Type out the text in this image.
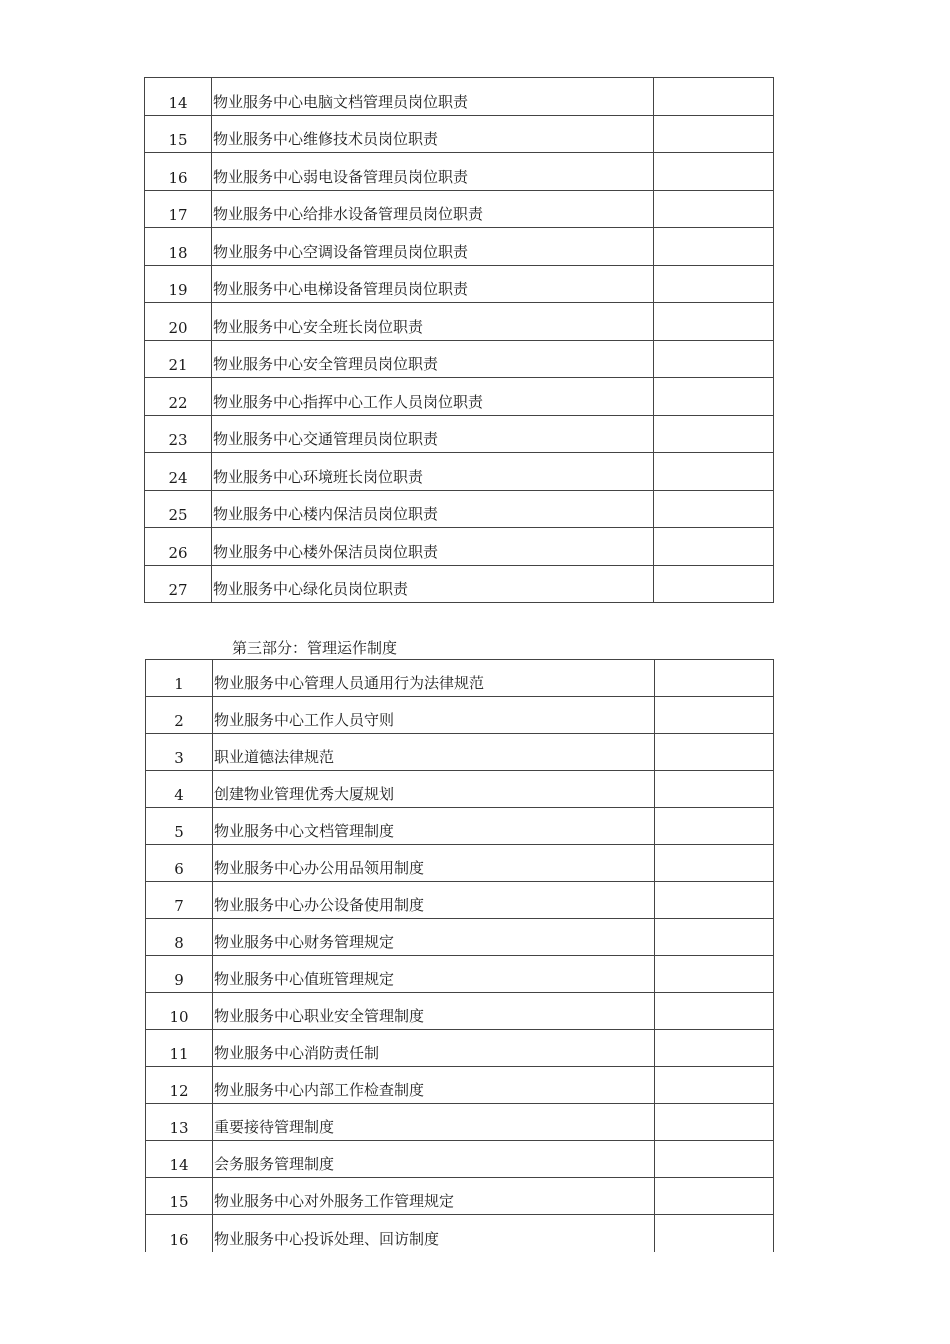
14	物业服务中心电脑文档管理员岗位职责	
15	物业服务中心维修技术员岗位职责	
16	物业服务中心弱电设备管理员岗位职责	
17	物业服务中心给排水设备管理员岗位职责	
18	物业服务中心空调设备管理员岗位职责	
19	物业服务中心电梯设备管理员岗位职责	
20	物业服务中心安全班长岗位职责	
21	物业服务中心安全管理员岗位职责	
22	物业服务中心指挥中心工作人员岗位职责	
23	物业服务中心交通管理员岗位职责	
24	物业服务中心环境班长岗位职责	
25	物业服务中心楼内保洁员岗位职责	
26	物业服务中心楼外保洁员岗位职责	
27	物业服务中心绿化员岗位职责	
第三部分：管理运作制度
1	物业服务中心管理人员通用行为法律规范	
2	物业服务中心工作人员守则	
3	职业道德法律规范	
4	创建物业管理优秀大厦规划	
5	物业服务中心文档管理制度	
6	物业服务中心办公用品领用制度	
7	物业服务中心办公设备使用制度	
8	物业服务中心财务管理规定	
9	物业服务中心值班管理规定	
10	物业服务中心职业安全管理制度	
11	物业服务中心消防责任制	
12	物业服务中心内部工作检查制度	
13	重要接待管理制度	
14	会务服务管理制度	
15	物业服务中心对外服务工作管理规定	
16	物业服务中心投诉处理、回访制度	
